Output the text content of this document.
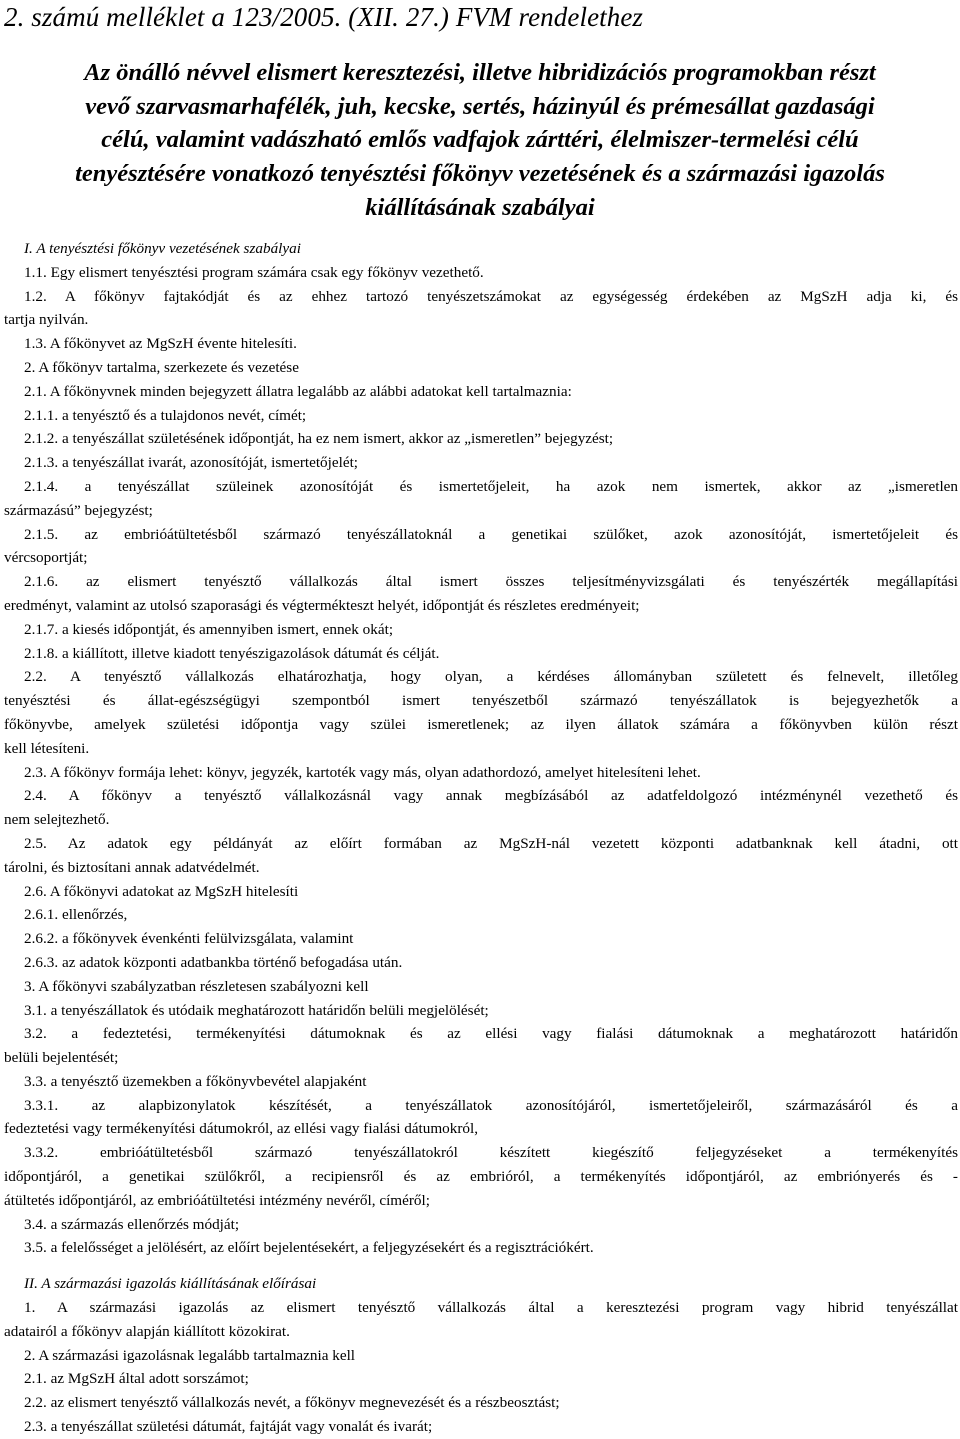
2. számú melléklet a 123/2005. (XII. 27.) FVM rendelethez
Az önálló névvel elismert keresztezési, illetve hibridizációs programokban részt
vevő szarvasmarhafélék, juh, kecske, sertés, házinyúl és prémesállat gazdasági
célú, valamint vadászható emlős vadfajok zárttéri, élelmiszer-termelési célú
tenyésztésére vonatkozó tenyésztési főkönyv vezetésének és a származási igazolás
kiállításának szabályai
I. A tenyésztési főkönyv vezetésének szabályai
1.1. Egy elismert tenyésztési program számára csak egy főkönyv vezethető.
1.2. A főkönyv fajtakódját és az ehhez tartozó tenyészetszámokat az egységesség érdekében az MgSzH adja ki, és
tartja nyilván.
1.3. A főkönyvet az MgSzH évente hitelesíti.
2. A főkönyv tartalma, szerkezete és vezetése
2.1. A főkönyvnek minden bejegyzett állatra legalább az alábbi adatokat kell tartalmaznia:
2.1.1. a tenyésztő és a tulajdonos nevét, címét;
2.1.2. a tenyészállat születésének időpontját, ha ez nem ismert, akkor az „ismeretlen” bejegyzést;
2.1.3. a tenyészállat ivarát, azonosítóját, ismertetőjelét;
2.1.4. a tenyészállat szüleinek azonosítóját és ismertetőjeleit, ha azok nem ismertek, akkor az „ismeretlen
származású” bejegyzést;
2.1.5. az embrióátültetésből származó tenyészállatoknál a genetikai szülőket, azok azonosítóját, ismertetőjeleit és
vércsoportját;
2.1.6. az elismert tenyésztő vállalkozás által ismert összes teljesítményvizsgálati és tenyészérték megállapítási
eredményt, valamint az utolsó szaporasági és végtermékteszt helyét, időpontját és részletes eredményeit;
2.1.7. a kiesés időpontját, és amennyiben ismert, ennek okát;
2.1.8. a kiállított, illetve kiadott tenyészigazolások dátumát és célját.
2.2. A tenyésztő vállalkozás elhatározhatja, hogy olyan, a kérdéses állományban született és felnevelt, illetőleg
tenyésztési és állat-egészségügyi szempontból ismert tenyészetből származó tenyészállatok is bejegyezhetők a
főkönyvbe, amelyek születési időpontja vagy szülei ismeretlenek; az ilyen állatok számára a főkönyvben külön részt
kell létesíteni.
2.3. A főkönyv formája lehet: könyv, jegyzék, kartoték vagy más, olyan adathordozó, amelyet hitelesíteni lehet.
2.4. A főkönyv a tenyésztő vállalkozásnál vagy annak megbízásából az adatfeldolgozó intézménynél vezethető és
nem selejtezhető.
2.5. Az adatok egy példányát az előírt formában az MgSzH-nál vezetett központi adatbanknak kell átadni, ott
tárolni, és biztosítani annak adatvédelmét.
2.6. A főkönyvi adatokat az MgSzH hitelesíti
2.6.1. ellenőrzés,
2.6.2. a főkönyvek évenkénti felülvizsgálata, valamint
2.6.3. az adatok központi adatbankba történő befogadása után.
3. A főkönyvi szabályzatban részletesen szabályozni kell
3.1. a tenyészállatok és utódaik meghatározott határidőn belüli megjelölését;
3.2. a fedeztetési, termékenyítési dátumoknak és az ellési vagy fialási dátumoknak a meghatározott határidőn
belüli bejelentését;
3.3. a tenyésztő üzemekben a főkönyvbevétel alapjaként
3.3.1. az alapbizonylatok készítését, a tenyészállatok azonosítójáról, ismertetőjeleiről, származásáról és a
fedeztetési vagy termékenyítési dátumokról, az ellési vagy fialási dátumokról,
3.3.2. embrióátültetésből származó tenyészállatokról készített kiegészítő feljegyzéseket a termékenyítés
időpontjáról, a genetikai szülőkről, a recipiensről és az embrióról, a termékenyítés időpontjáról, az embriónyerés és -
átültetés időpontjáról, az embrióátültetési intézmény nevéről, címéről;
3.4. a származás ellenőrzés módját;
3.5. a felelősséget a jelölésért, az előírt bejelentésekért, a feljegyzésekért és a regisztrációkért.
II. A származási igazolás kiállításának előírásai
1. A származási igazolás az elismert tenyésztő vállalkozás által a keresztezési program vagy hibrid tenyészállat
adatairól a főkönyv alapján kiállított közokirat.
2. A származási igazolásnak legalább tartalmaznia kell
2.1. az MgSzH által adott sorszámot;
2.2. az elismert tenyésztő vállalkozás nevét, a főkönyv megnevezését és a részbeosztást;
2.3. a tenyészállat születési dátumát, fajtáját vagy vonalát és ivarát;
